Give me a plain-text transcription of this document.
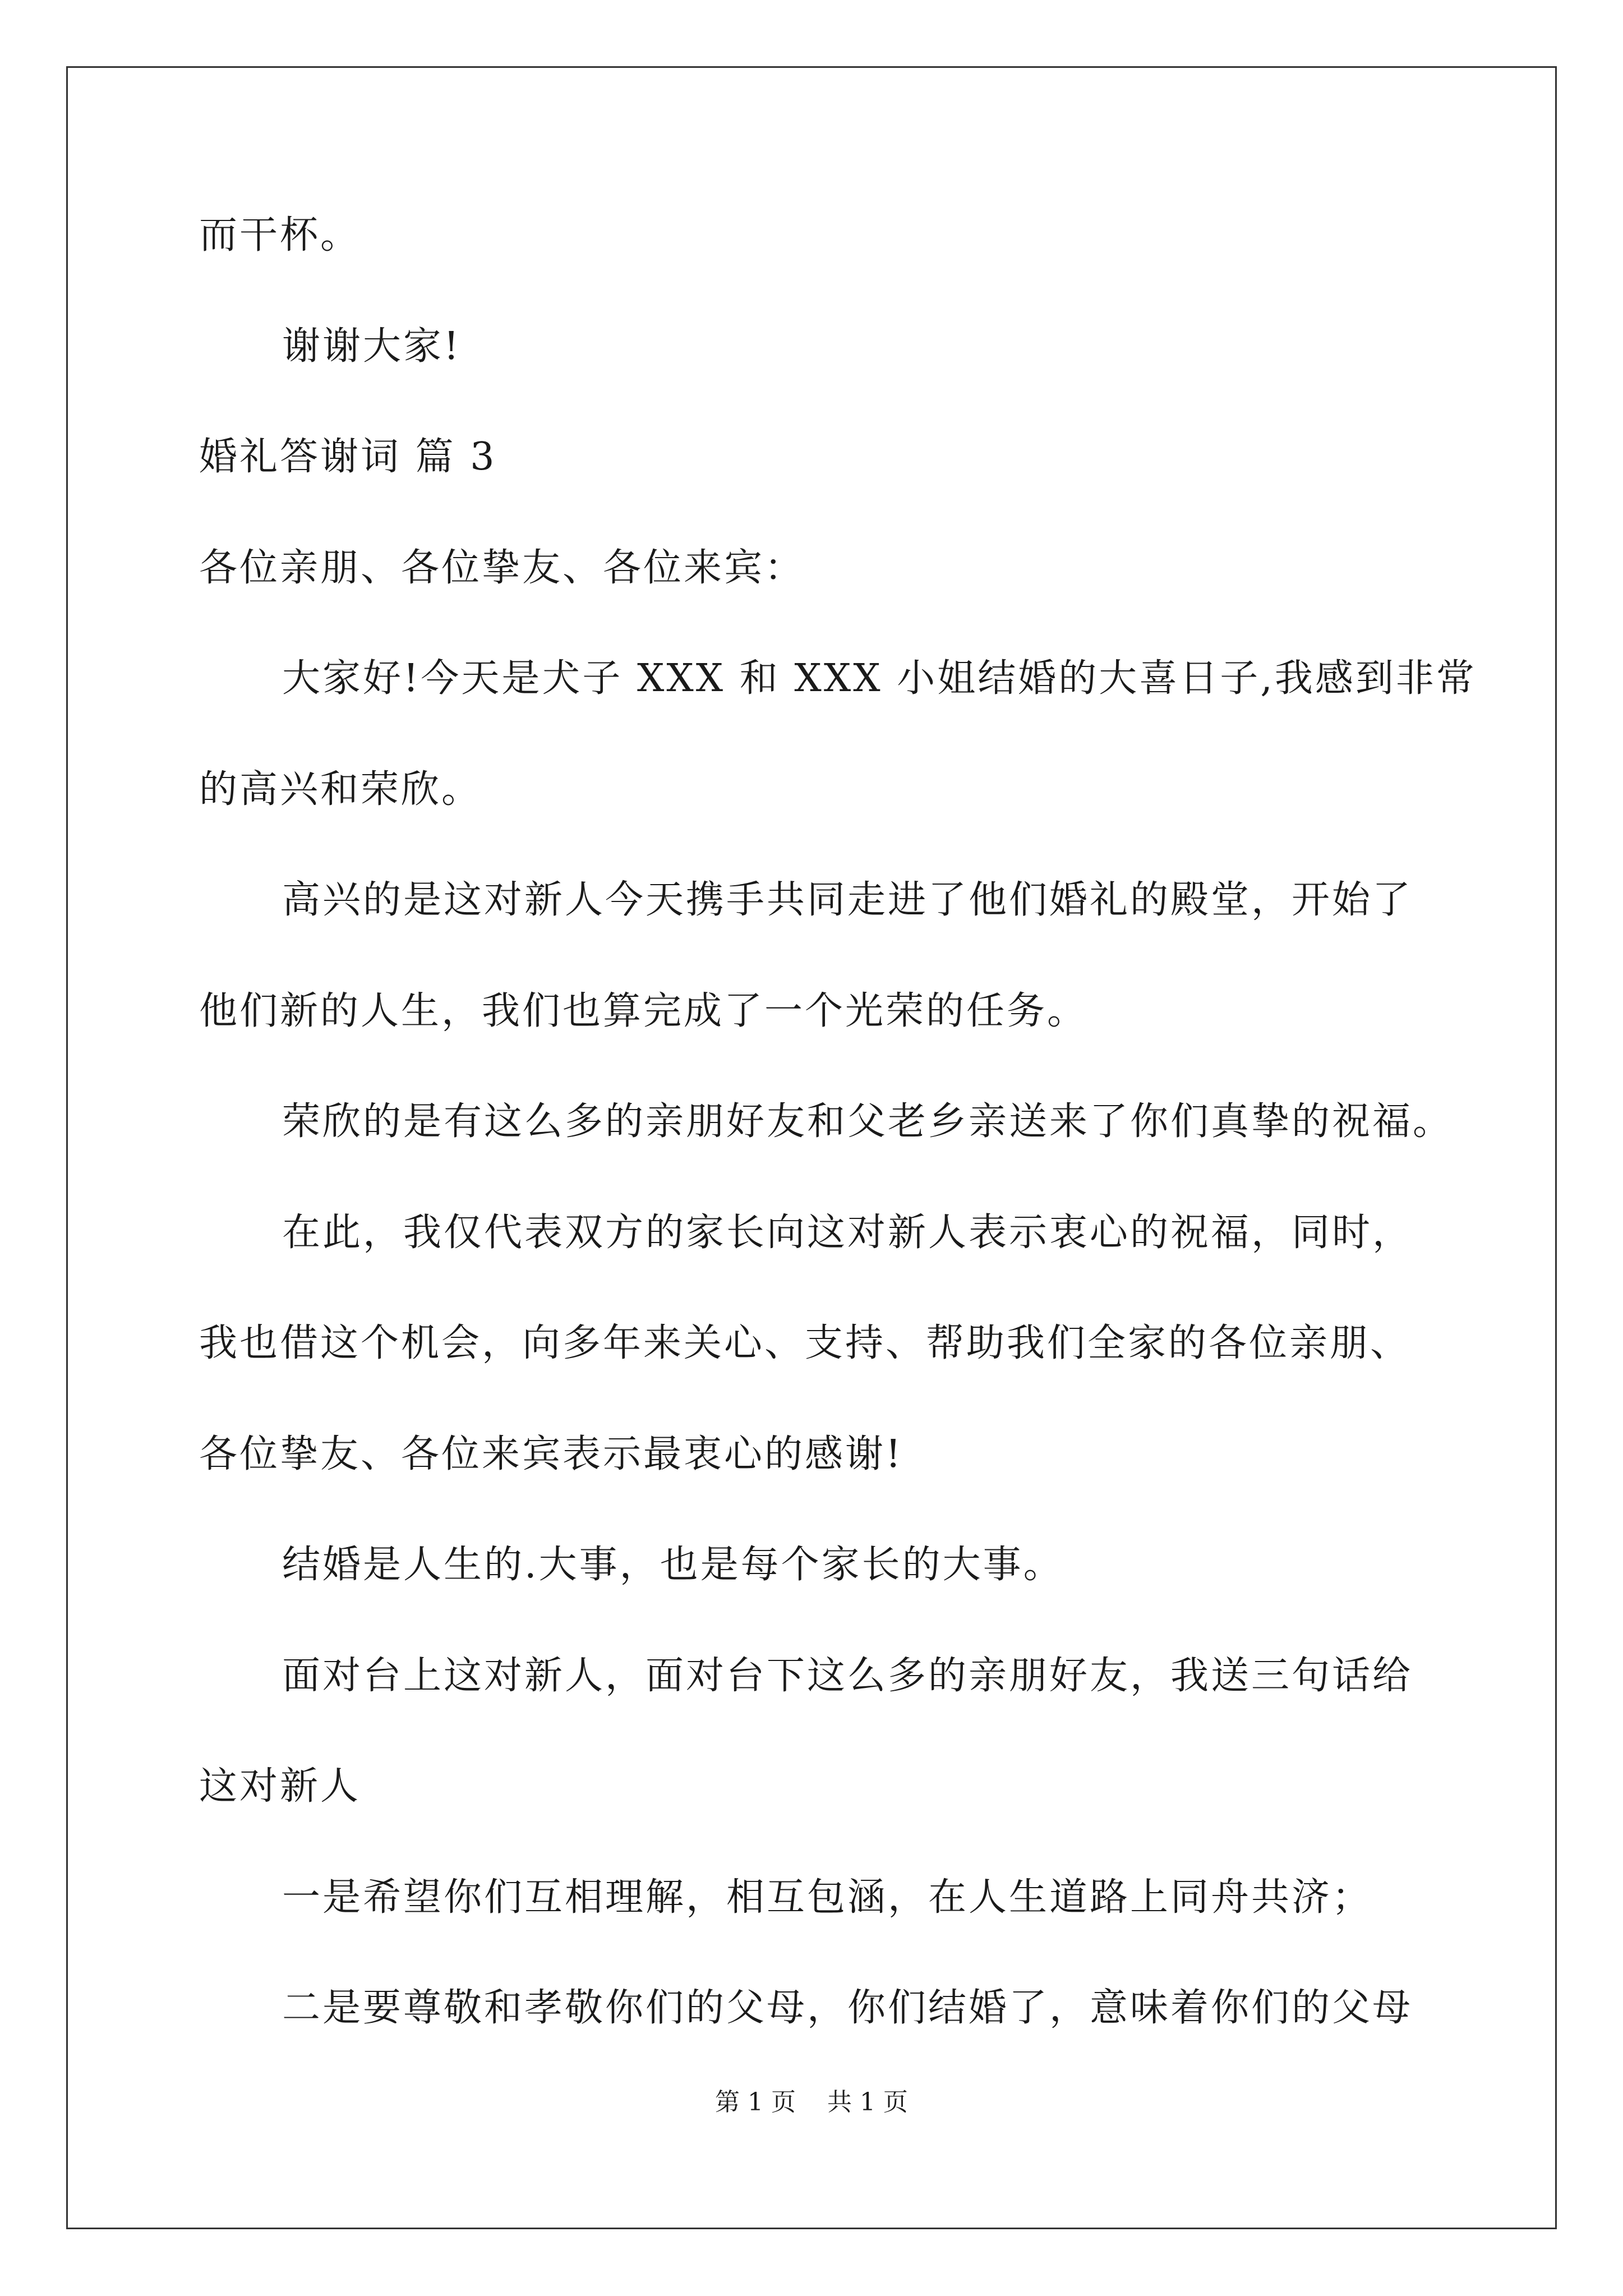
而干杯。
谢谢大家!
婚礼答谢词 篇 3
各位亲朋、各位挚友、各位来宾：
大家好!今天是犬子 XXX 和 XXX 小姐结婚的大喜日子,我感到非常
的高兴和荣欣。
高兴的是这对新人今天携手共同走进了他们婚礼的殿堂，开始了
他们新的人生，我们也算完成了一个光荣的任务。
荣欣的是有这么多的亲朋好友和父老乡亲送来了你们真挚的祝福。
在此，我仅代表双方的家长向这对新人表示衷心的祝福，同时，
我也借这个机会，向多年来关心、支持、帮助我们全家的各位亲朋、
各位挚友、各位来宾表示最衷心的感谢!
结婚是人生的.大事，也是每个家长的大事。
面对台上这对新人，面对台下这么多的亲朋好友，我送三句话给
这对新人
一是希望你们互相理解，相互包涵，在人生道路上同舟共济；
二是要尊敬和孝敬你们的父母，你们结婚了，意味着你们的父母
第 1 页    共 1 页
